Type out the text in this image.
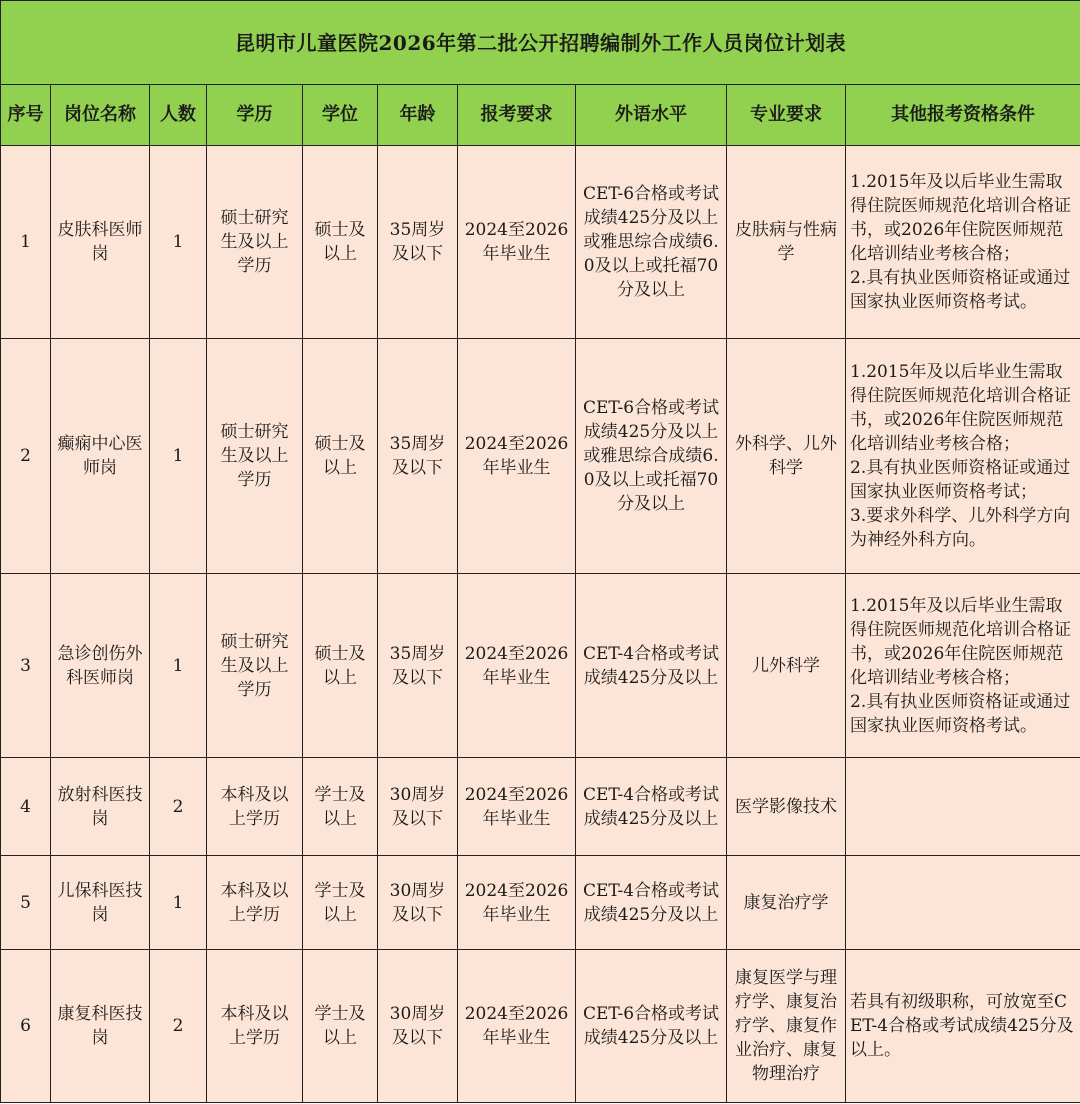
昆明市儿童医院2026年第二批公开招聘编制外工作人员岗位计划表									
序号	岗位名称	人数	学历	学位	年龄	报考要求	外语水平	专业要求	其他报考资格条件
1	皮肤科医师岗	1	硕士研究生及以上学历	硕士及以上	35周岁及以下	2024至2026年毕业生	CET-6合格或考试成绩425分及以上或雅思综合成绩6.0及以上或托福70分及以上	皮肤病与性病学	1.2015年及以后毕业生需取得住院医师规范化培训合格证书，或2026年住院医师规范化培训结业考核合格；
2.具有执业医师资格证或通过国家执业医师资格考试。

2	癫痫中心医师岗	1	硕士研究生及以上学历	硕士及以上	35周岁及以下	2024至2026年毕业生	CET-6合格或考试成绩425分及以上或雅思综合成绩6.0及以上或托福70分及以上	外科学、儿外科学	1.2015年及以后毕业生需取得住院医师规范化培训合格证书，或2026年住院医师规范化培训结业考核合格；
2.具有执业医师资格证或通过国家执业医师资格考试；
3.要求外科学、儿外科学方向为神经外科方向。

3	急诊创伤外科医师岗	1	硕士研究生及以上学历	硕士及以上	35周岁及以下	2024至2026年毕业生	CET-4合格或考试成绩425分及以上	儿外科学	1.2015年及以后毕业生需取得住院医师规范化培训合格证书，或2026年住院医师规范化培训结业考核合格；
2.具有执业医师资格证或通过国家执业医师资格考试。

4	放射科医技岗	2	本科及以上学历	学士及以上	30周岁及以下	2024至2026年毕业生	CET-4合格或考试成绩425分及以上	医学影像技术	

5	儿保科医技岗	1	本科及以上学历	学士及以上	30周岁及以下	2024至2026年毕业生	CET-4合格或考试成绩425分及以上	康复治疗学	

6	康复科医技岗	2	本科及以上学历	学士及以上	30周岁及以下	2024至2026年毕业生	CET-6合格或考试成绩425分及以上	康复医学与理疗学、康复治疗学、康复作业治疗、康复物理治疗	若具有初级职称，可放宽至CET-4合格或考试成绩425分及以上。
